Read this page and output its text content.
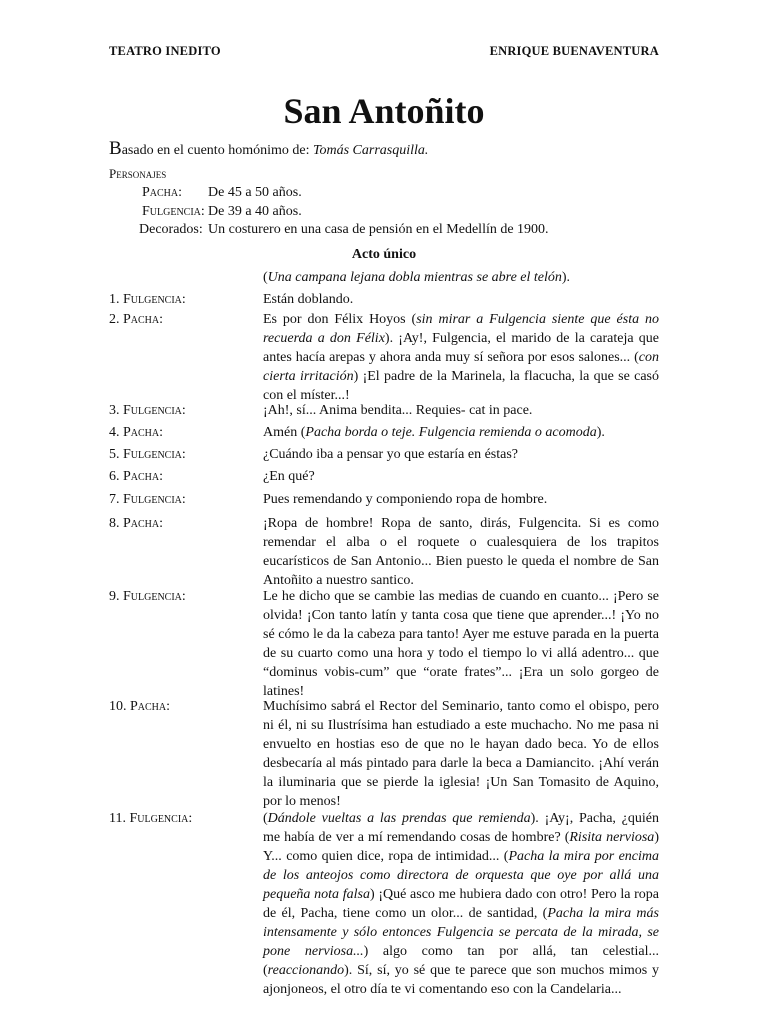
TEATRO INEDITO	ENRIQUE BUENAVENTURA
San Antoñito
Basado en el cuento homónimo de: Tomás Carrasquilla.
Personajes
Pacha: De 45 a 50 años.
Fulgencia: De 39 a 40 años.
Decorados: Un costurero en una casa de pensión en el Medellín de 1900.
Acto único
(Una campana lejana dobla mientras se abre el telón).
1. Fulgencia:	Están doblando.
2. Pacha:	Es por don Félix Hoyos (sin mirar a Fulgencia siente que ésta no recuerda a don Félix). ¡Ay!, Fulgencia, el marido de la carateja que antes hacía arepas y ahora anda muy sí señora por esos salones... (con cierta irritación) ¡El padre de la Marinela, la flacucha, la que se casó con el míster...!
3. Fulgencia:	¡Ah!, sí... Anima bendita... Requies- cat in pace.
4. Pacha:	Amén (Pacha borda o teje. Fulgencia remienda o acomoda).
5. Fulgencia:	¿Cuándo iba a pensar yo que estaría en éstas?
6. Pacha:	¿En qué?
7. Fulgencia:	Pues remendando y componiendo ropa de hombre.
8. Pacha:	¡Ropa de hombre! Ropa de santo, dirás, Fulgencita. Si es como remendar el alba o el roquete o cualesquiera de los trapitos eucarísticos de San Antonio... Bien puesto le queda el nombre de San Antoñito a nuestro santico.
9. Fulgencia:	Le he dicho que se cambie las medias de cuando en cuanto... ¡Pero se olvida! ¡Con tanto latín y tanta cosa que tiene que aprender...! ¡Yo no sé cómo le da la cabeza para tanto! Ayer me estuve parada en la puerta de su cuarto como una hora y todo el tiempo lo vi allá adentro... que “dominus vobis-cum” que “orate frates”... ¡Era un solo gorgeo de latines!
10. Pacha:	Muchísimo sabrá el Rector del Seminario, tanto como el obispo, pero ni él, ni su Ilustrísima han estudiado a este muchacho. No me pasa ni envuelto en hostias eso de que no le hayan dado beca. Yo de ellos desbecaría al más pintado para darle la beca a Damiancito. ¡Ahí verán la iluminaria que se pierde la iglesia! ¡Un San Tomasito de Aquino, por lo menos!
11. Fulgencia:	(Dándole vueltas a las prendas que remienda). ¡Ay¡, Pacha, ¿quién me había de ver a mí remendando cosas de hombre? (Risita nerviosa) Y... como quien dice, ropa de intimidad... (Pacha la mira por encima de los anteojos como directora de orquesta que oye por allá una pequeña nota falsa) ¡Qué asco me hubiera dado con otro! Pero la ropa de él, Pacha, tiene como un olor... de santidad, (Pacha la mira más intensamente y sólo entonces Fulgencia se percata de la mirada, se pone nerviosa...) algo como tan por allá, tan celestial... (reaccionando). Sí, sí, yo sé que te parece que son muchos mimos y ajonjoneos, el otro día te vi comentando eso con la Candelaria...
